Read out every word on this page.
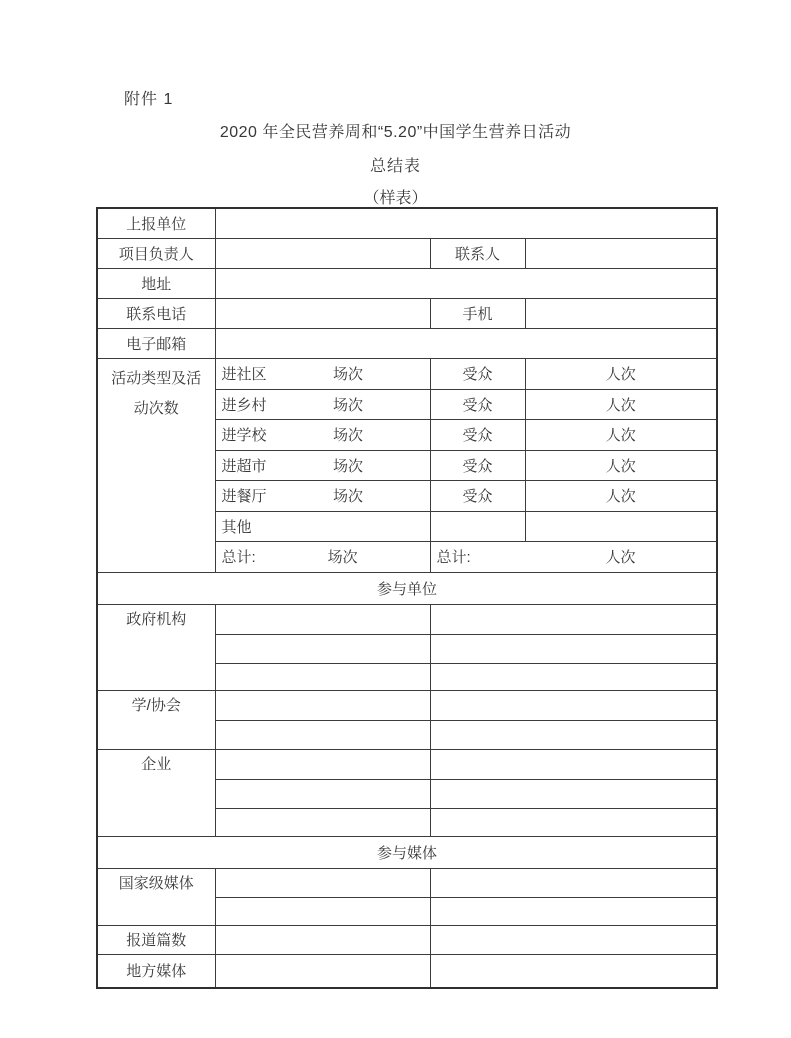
附件 1
2020 年全民营养周和“5.20”中国学生营养日活动
总结表
（样表）
上报单位			
项目负责人		联系人	
地址			
联系电话		手机	
电子邮箱			

活动类型及活动次数	进社区 场次	受众	人次

	进乡村 场次	受众	人次

	进学校 场次	受众	人次

	进超市 场次	受众	人次

	进餐厅 场次	受众	人次
	其他		

	总计: 场次	总计:	人次
参与单位			

政府机构			

学/协会			

企业			

参与媒体			

国家级媒体			

报道篇数			
地方媒体			
